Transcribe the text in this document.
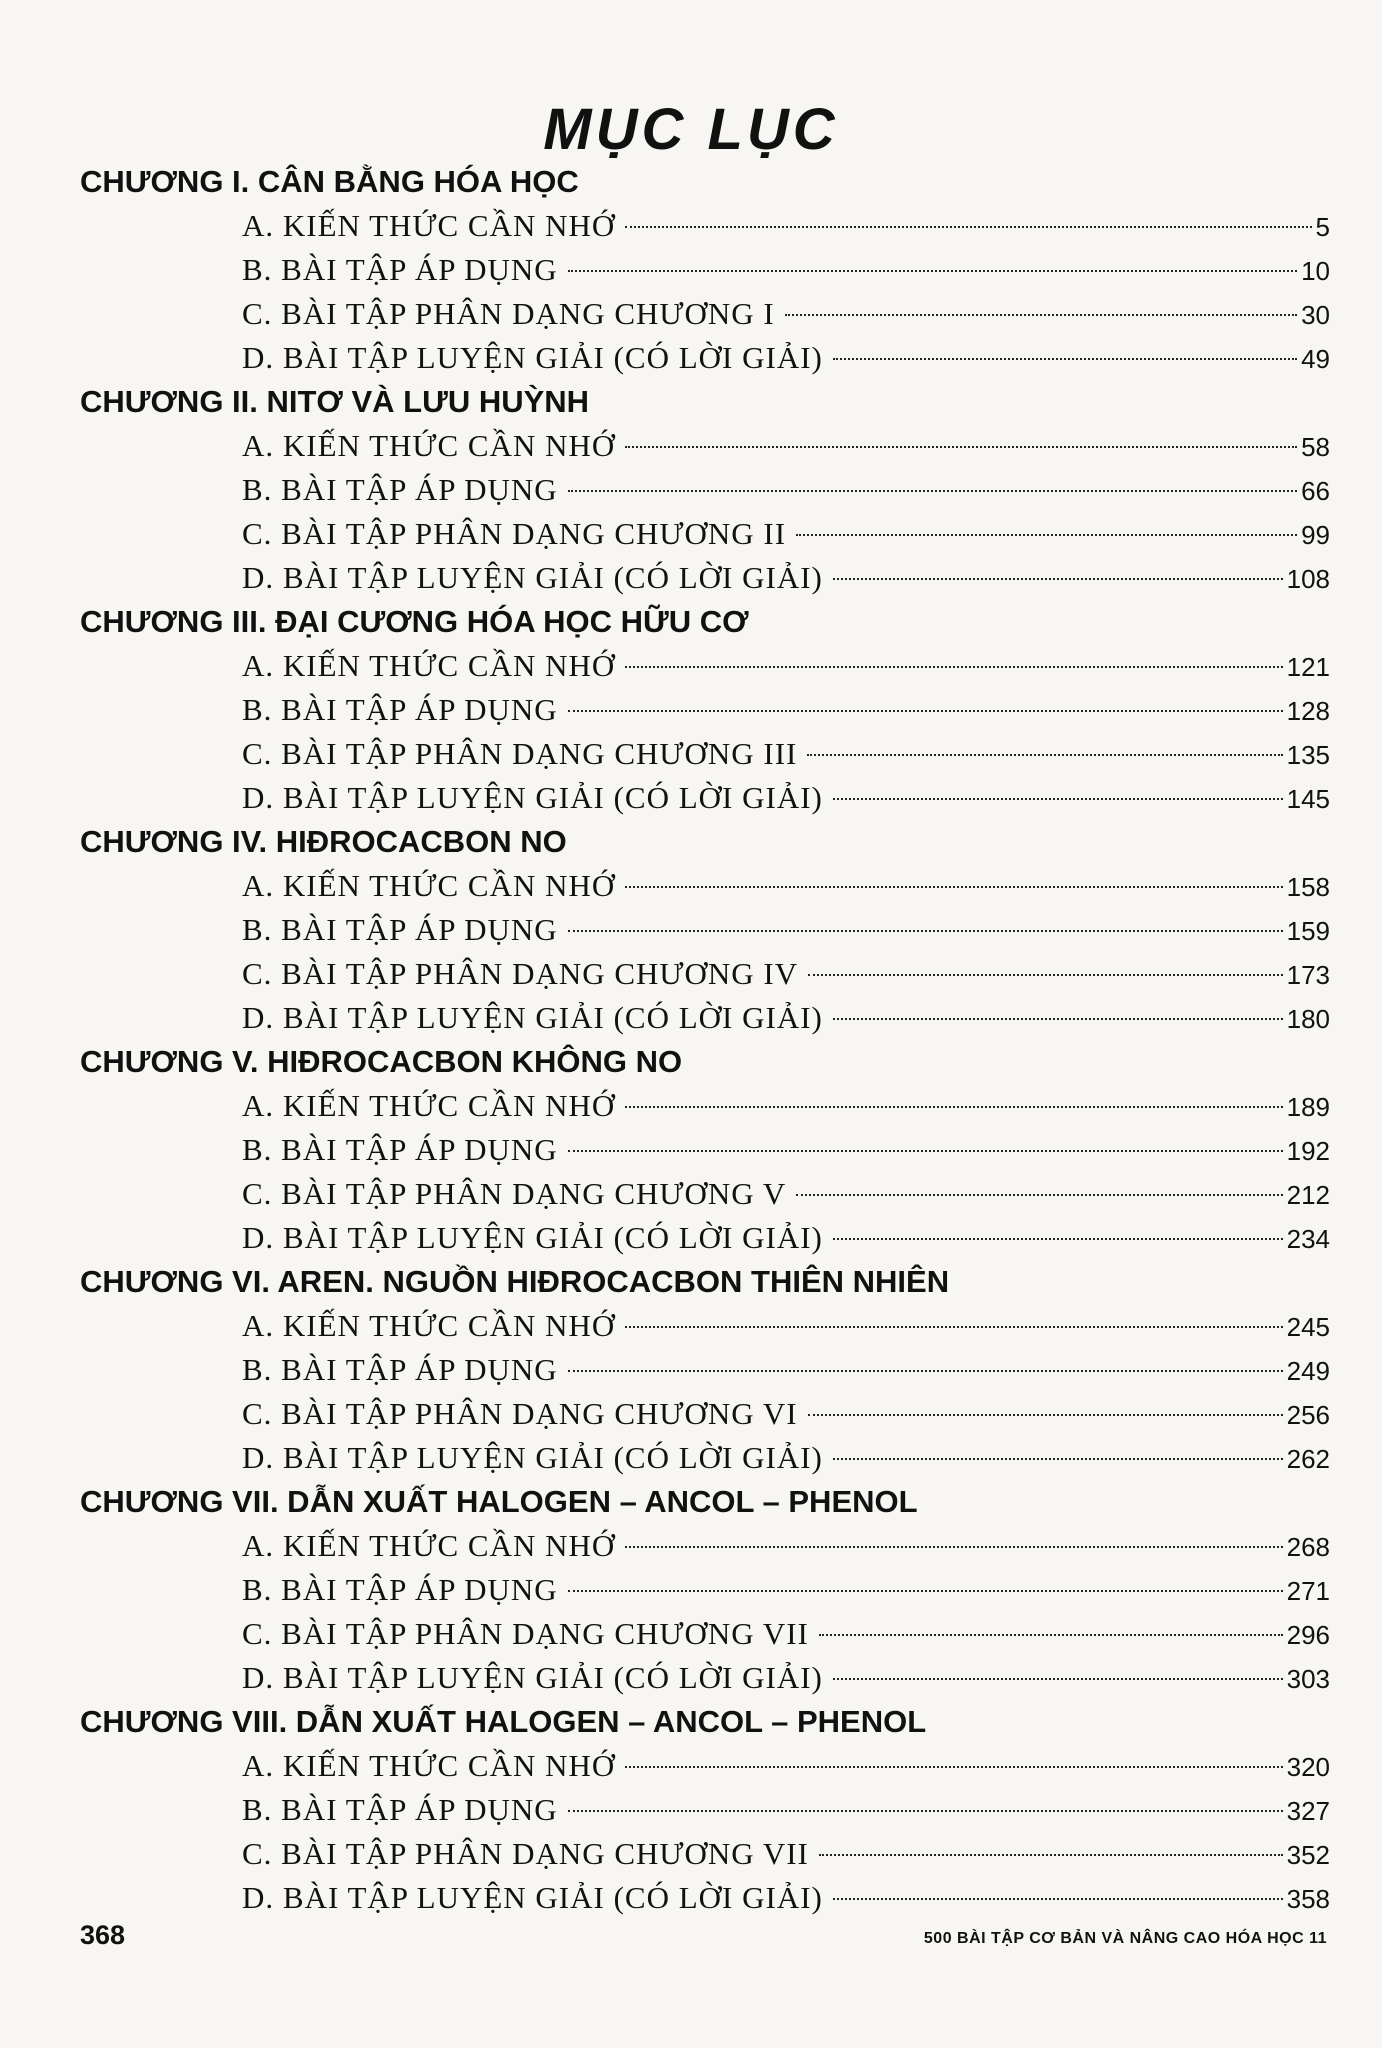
MỤC LỤC
CHƯƠNG I. CÂN BẰNG HÓA HỌC
A. KIẾN THỨC CẦN NHỚ	5
B. BÀI TẬP ÁP DỤNG	10
C. BÀI TẬP PHÂN DẠNG CHƯƠNG I	30
D. BÀI TẬP LUYỆN GIẢI (CÓ LỜI GIẢI)	49
CHƯƠNG II. NITƠ VÀ LƯU HUỲNH
A. KIẾN THỨC CẦN NHỚ	58
B. BÀI TẬP ÁP DỤNG	66
C. BÀI TẬP PHÂN DẠNG CHƯƠNG II	99
D. BÀI TẬP LUYỆN GIẢI (CÓ LỜI GIẢI)	108
CHƯƠNG III. ĐẠI CƯƠNG HÓA HỌC HỮU CƠ
A. KIẾN THỨC CẦN NHỚ	121
B. BÀI TẬP ÁP DỤNG	128
C. BÀI TẬP PHÂN DẠNG CHƯƠNG III	135
D. BÀI TẬP LUYỆN GIẢI (CÓ LỜI GIẢI)	145
CHƯƠNG IV. HIĐROCACBON NO
A. KIẾN THỨC CẦN NHỚ	158
B. BÀI TẬP ÁP DỤNG	159
C. BÀI TẬP PHÂN DẠNG CHƯƠNG IV	173
D. BÀI TẬP LUYỆN GIẢI (CÓ LỜI GIẢI)	180
CHƯƠNG V. HIĐROCACBON KHÔNG NO
A. KIẾN THỨC CẦN NHỚ	189
B. BÀI TẬP ÁP DỤNG	192
C. BÀI TẬP PHÂN DẠNG CHƯƠNG V	212
D. BÀI TẬP LUYỆN GIẢI (CÓ LỜI GIẢI)	234
CHƯƠNG VI. AREN. NGUỒN HIĐROCACBON THIÊN NHIÊN
A. KIẾN THỨC CẦN NHỚ	245
B. BÀI TẬP ÁP DỤNG	249
C. BÀI TẬP PHÂN DẠNG CHƯƠNG VI	256
D. BÀI TẬP LUYỆN GIẢI (CÓ LỜI GIẢI)	262
CHƯƠNG VII. DẪN XUẤT HALOGEN – ANCOL – PHENOL
A. KIẾN THỨC CẦN NHỚ	268
B. BÀI TẬP ÁP DỤNG	271
C. BÀI TẬP PHÂN DẠNG CHƯƠNG VII	296
D. BÀI TẬP LUYỆN GIẢI (CÓ LỜI GIẢI)	303
CHƯƠNG VIII. DẪN XUẤT HALOGEN – ANCOL – PHENOL
A. KIẾN THỨC CẦN NHỚ	320
B. BÀI TẬP ÁP DỤNG	327
C. BÀI TẬP PHÂN DẠNG CHƯƠNG VII	352
D. BÀI TẬP LUYỆN GIẢI (CÓ LỜI GIẢI)	358
368	500 BÀI TẬP CƠ BẢN VÀ NÂNG CAO HÓA HỌC 11
